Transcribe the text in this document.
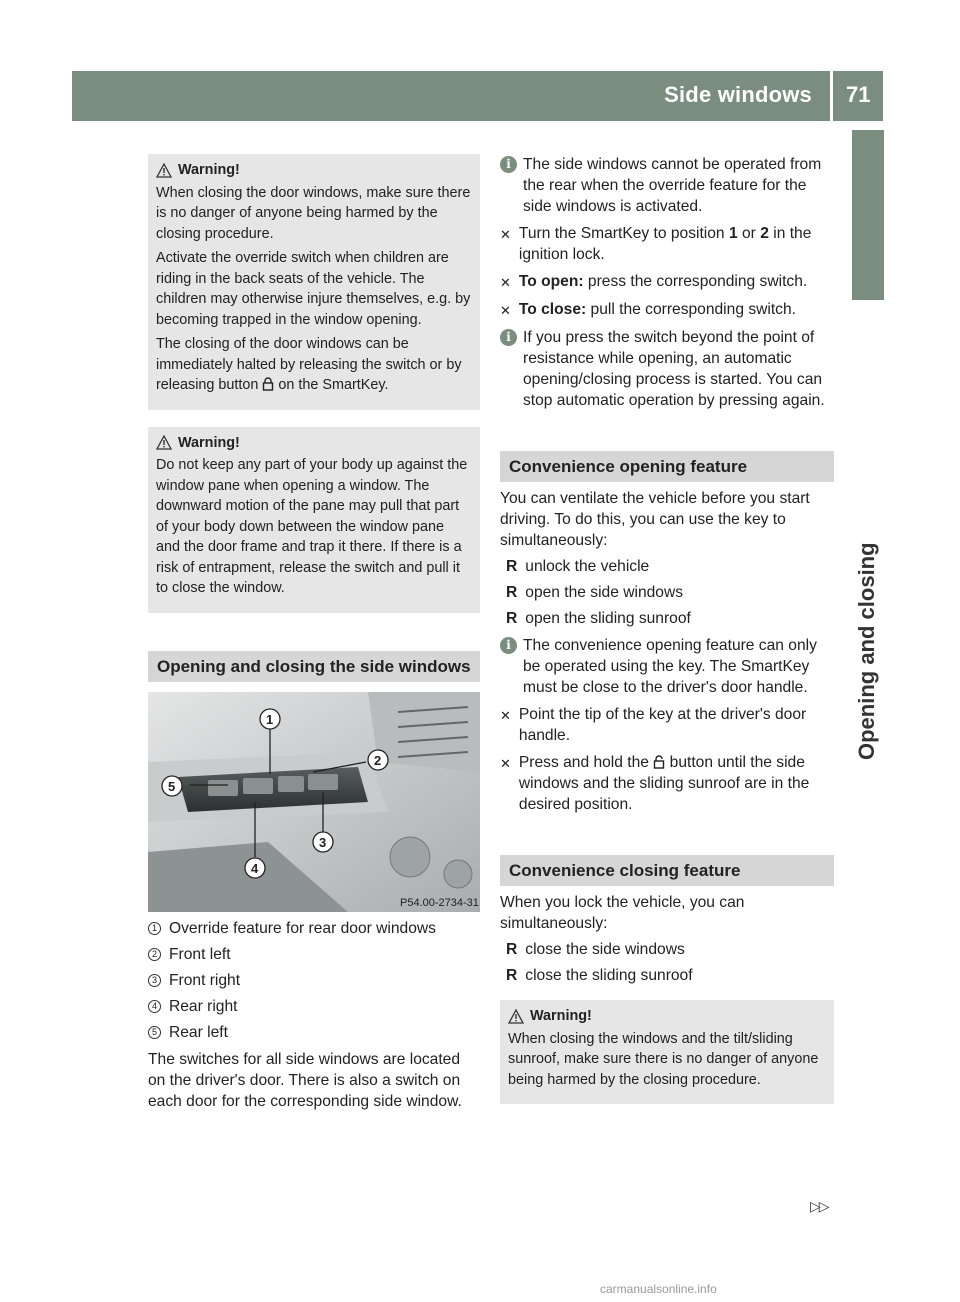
Side windows 71
Opening and closing
Warning!

When closing the door windows, make sure there is no danger of anyone being harmed by the closing procedure.

Activate the override switch when children are riding in the back seats of the vehicle. The children may otherwise injure themselves, e.g. by becoming trapped in the window opening.

The closing of the door windows can be immediately halted by releasing the switch or by releasing button on the SmartKey.

Warning!

Do not keep any part of your body up against the window pane when opening a window. The downward motion of the pane may pull that part of your body down between the window pane and the door frame and trap it there. If there is a risk of entrapment, release the switch and pull it to close the window.

Opening and closing the side windows
1
2
3
4
5
P54.00-2734-31
1 Override feature for rear door windows
2 Front left
3 Front right
4 Rear right
5 Rear left

The switches for all side windows are located on the driver's door. There is also a switch on each door for the corresponding side window.

i The side windows cannot be operated from the rear when the override feature for the side windows is activated.
✕ Turn the SmartKey to position 1 or 2 in the ignition lock.
✕ To open: press the corresponding switch.
✕ To close: pull the corresponding switch.
i If you press the switch beyond the point of resistance while opening, an automatic opening/closing process is started. You can stop automatic operation by pressing again.
Convenience opening feature

You can ventilate the vehicle before you start driving. To do this, you can use the key to simultaneously:

R unlock the vehicle
R open the side windows
R open the sliding sunroof
i The convenience opening feature can only be operated using the key. The SmartKey must be close to the driver's door handle.
✕ Point the tip of the key at the driver's door handle.
✕ Press and hold the button until the side windows and the sliding sunroof are in the desired position.
Convenience closing feature

When you lock the vehicle, you can simultaneously:

R close the side windows
R close the sliding sunroof
Warning!

When closing the windows and the tilt/sliding sunroof, make sure there is no danger of anyone being harmed by the closing procedure.

▷▷
carmanualsonline.info
